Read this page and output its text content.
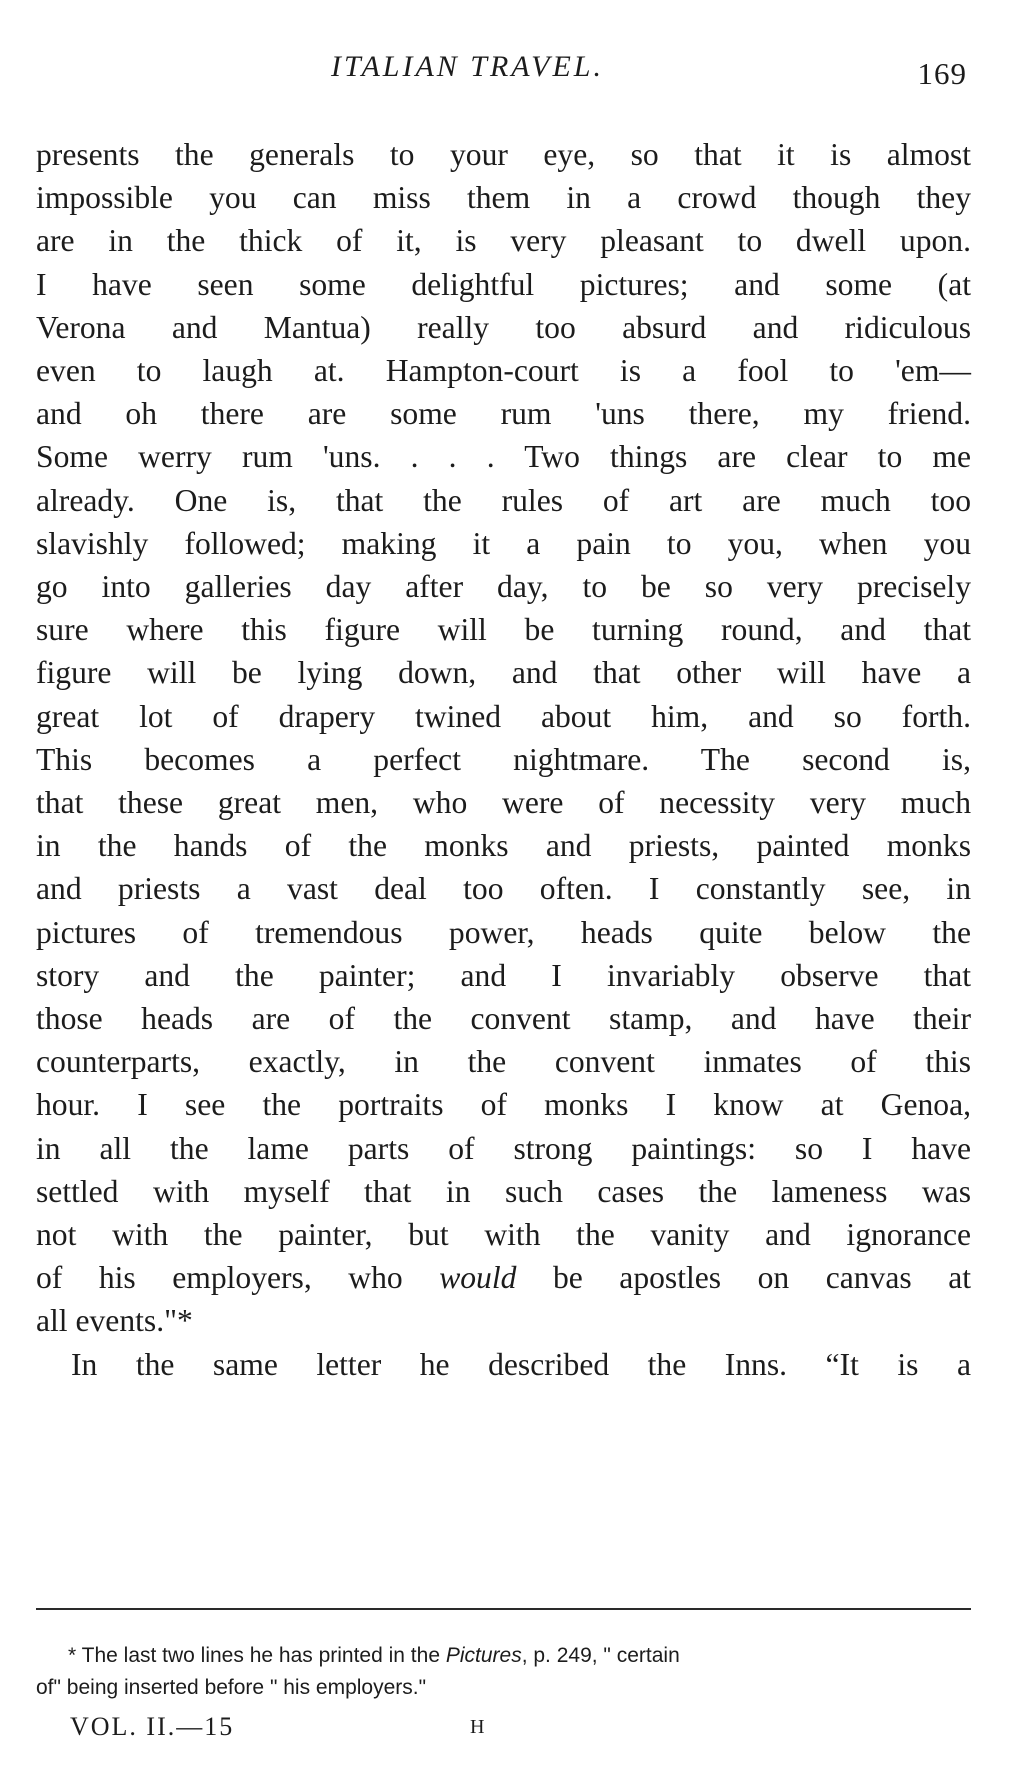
ITALIAN TRAVEL.	169
presents the generals to your eye, so that it is almost
impossible you can miss them in a crowd though they
are in the thick of it, is very pleasant to dwell upon.
I have seen some delightful pictures; and some (at
Verona and Mantua) really too absurd and ridiculous
even to laugh at. Hampton-court is a fool to 'em—
and oh there are some rum 'uns there, my friend.
Some werry rum 'uns. . . . Two things are clear to me
already. One is, that the rules of art are much too
slavishly followed; making it a pain to you, when you
go into galleries day after day, to be so very precisely
sure where this figure will be turning round, and that
figure will be lying down, and that other will have a
great lot of drapery twined about him, and so forth.
This becomes a perfect nightmare. The second is,
that these great men, who were of necessity very much
in the hands of the monks and priests, painted monks
and priests a vast deal too often. I constantly see, in
pictures of tremendous power, heads quite below the
story and the painter; and I invariably observe that
those heads are of the convent stamp, and have their
counterparts, exactly, in the convent inmates of this
hour. I see the portraits of monks I know at Genoa,
in all the lame parts of strong paintings: so I have
settled with myself that in such cases the lameness was
not with the painter, but with the vanity and ignorance
of his employers, who would be apostles on canvas at
all events."*
In the same letter he described the Inns. “It is a
* The last two lines he has printed in the Pictures, p. 249, " certain
of" being inserted before " his employers."
VOL. II.—15	H
